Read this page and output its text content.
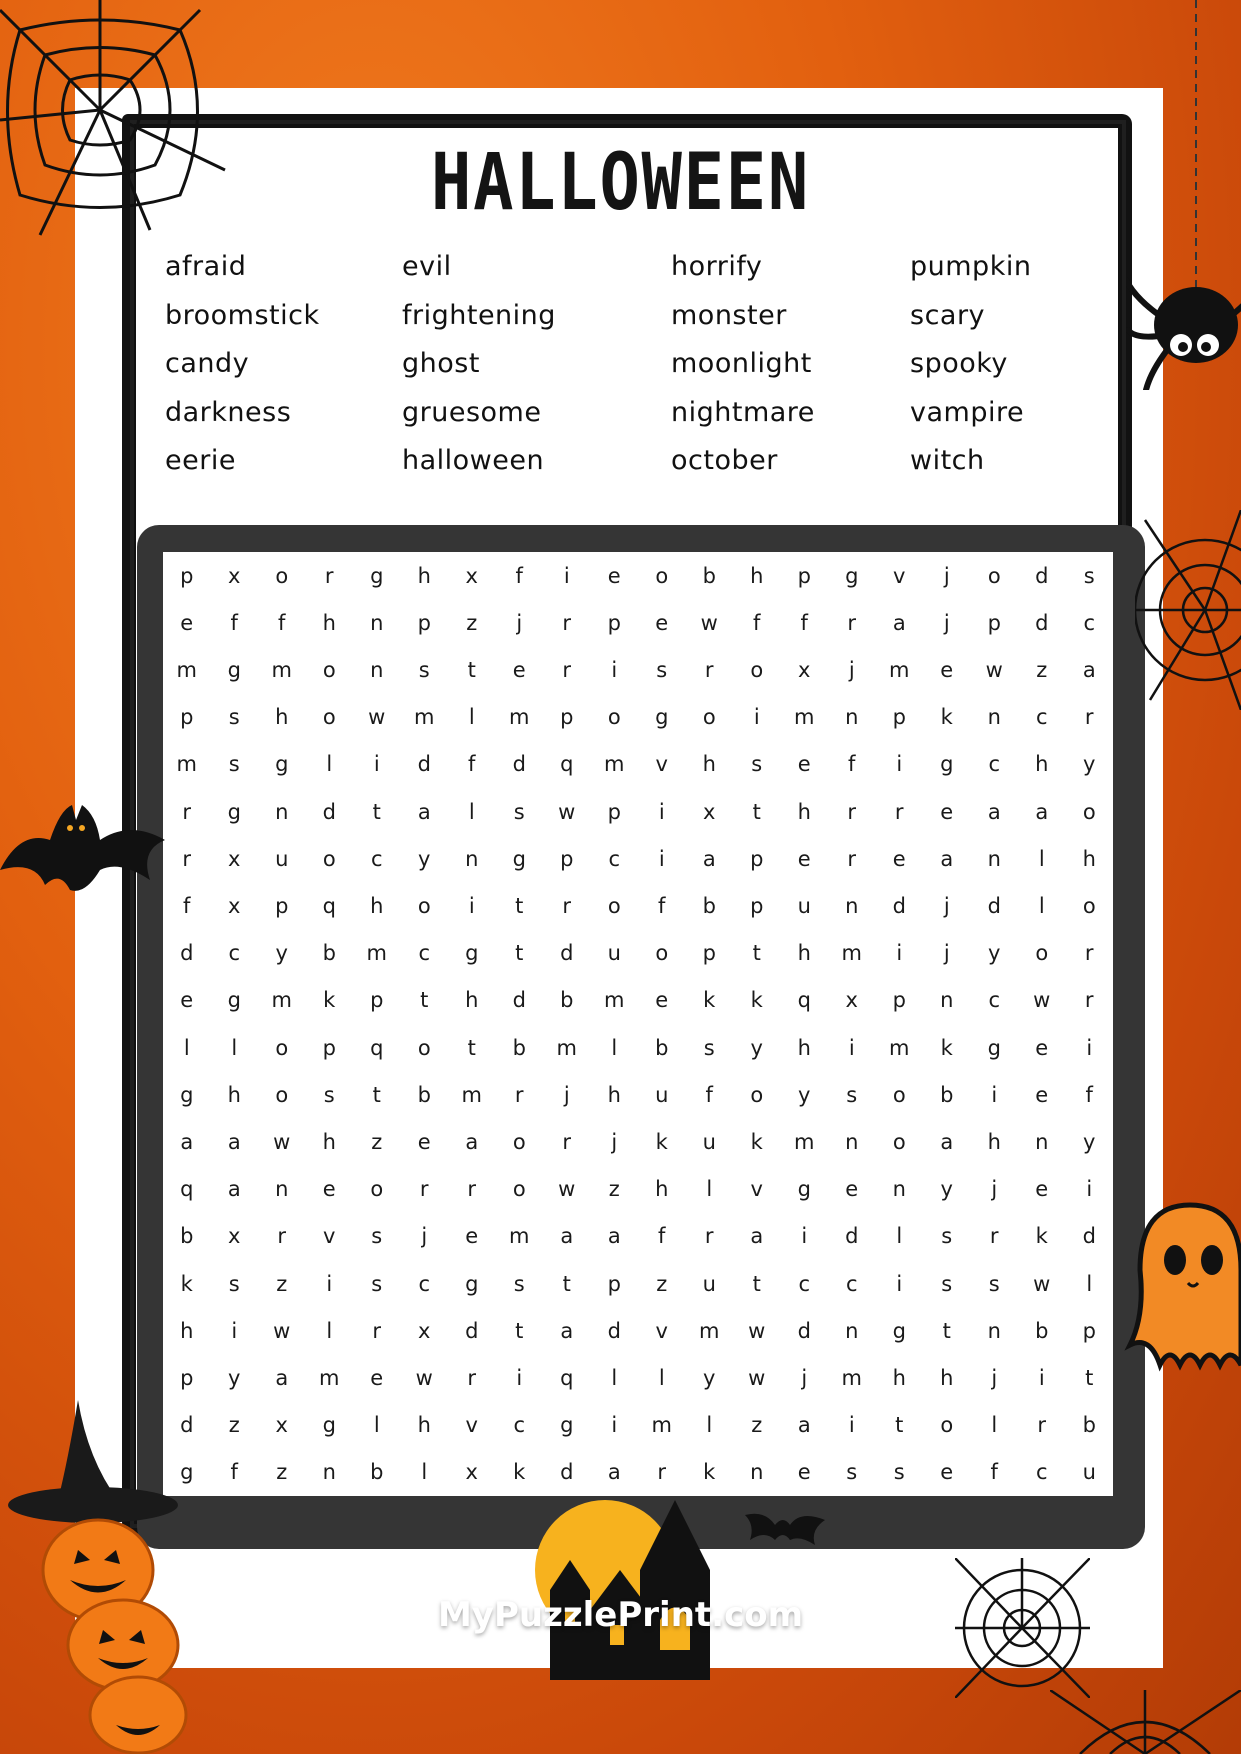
HALLOWEEN
afraid
broomstick
candy
darkness
eerie
evil
frightening
ghost
gruesome
halloween
horrify
monster
moonlight
nightmare
october
pumpkin
scary
spooky
vampire
witch
p	x	o	r	g	h	x	f	i	e	o	b	h	p	g	v	j	o	d	s
e	f	f	h	n	p	z	j	r	p	e	w	f	f	r	a	j	p	d	c
m	g	m	o	n	s	t	e	r	i	s	r	o	x	j	m	e	w	z	a
p	s	h	o	w	m	l	m	p	o	g	o	i	m	n	p	k	n	c	r
m	s	g	l	i	d	f	d	q	m	v	h	s	e	f	i	g	c	h	y
r	g	n	d	t	a	l	s	w	p	i	x	t	h	r	r	e	a	a	o
r	x	u	o	c	y	n	g	p	c	i	a	p	e	r	e	a	n	l	h
f	x	p	q	h	o	i	t	r	o	f	b	p	u	n	d	j	d	l	o
d	c	y	b	m	c	g	t	d	u	o	p	t	h	m	i	j	y	o	r
e	g	m	k	p	t	h	d	b	m	e	k	k	q	x	p	n	c	w	r
l	l	o	p	q	o	t	b	m	l	b	s	y	h	i	m	k	g	e	i
g	h	o	s	t	b	m	r	j	h	u	f	o	y	s	o	b	i	e	f
a	a	w	h	z	e	a	o	r	j	k	u	k	m	n	o	a	h	n	y
q	a	n	e	o	r	r	o	w	z	h	l	v	g	e	n	y	j	e	i
b	x	r	v	s	j	e	m	a	a	f	r	a	i	d	l	s	r	k	d
k	s	z	i	s	c	g	s	t	p	z	u	t	c	c	i	s	s	w	l
h	i	w	l	r	x	d	t	a	d	v	m	w	d	n	g	t	n	b	p
p	y	a	m	e	w	r	i	q	l	l	y	w	j	m	h	h	j	i	t
d	z	x	g	l	h	v	c	g	i	m	l	z	a	i	t	o	l	r	b
g	f	z	n	b	l	x	k	d	a	r	k	n	e	s	s	e	f	c	u
MyPuzzlePrint.com
